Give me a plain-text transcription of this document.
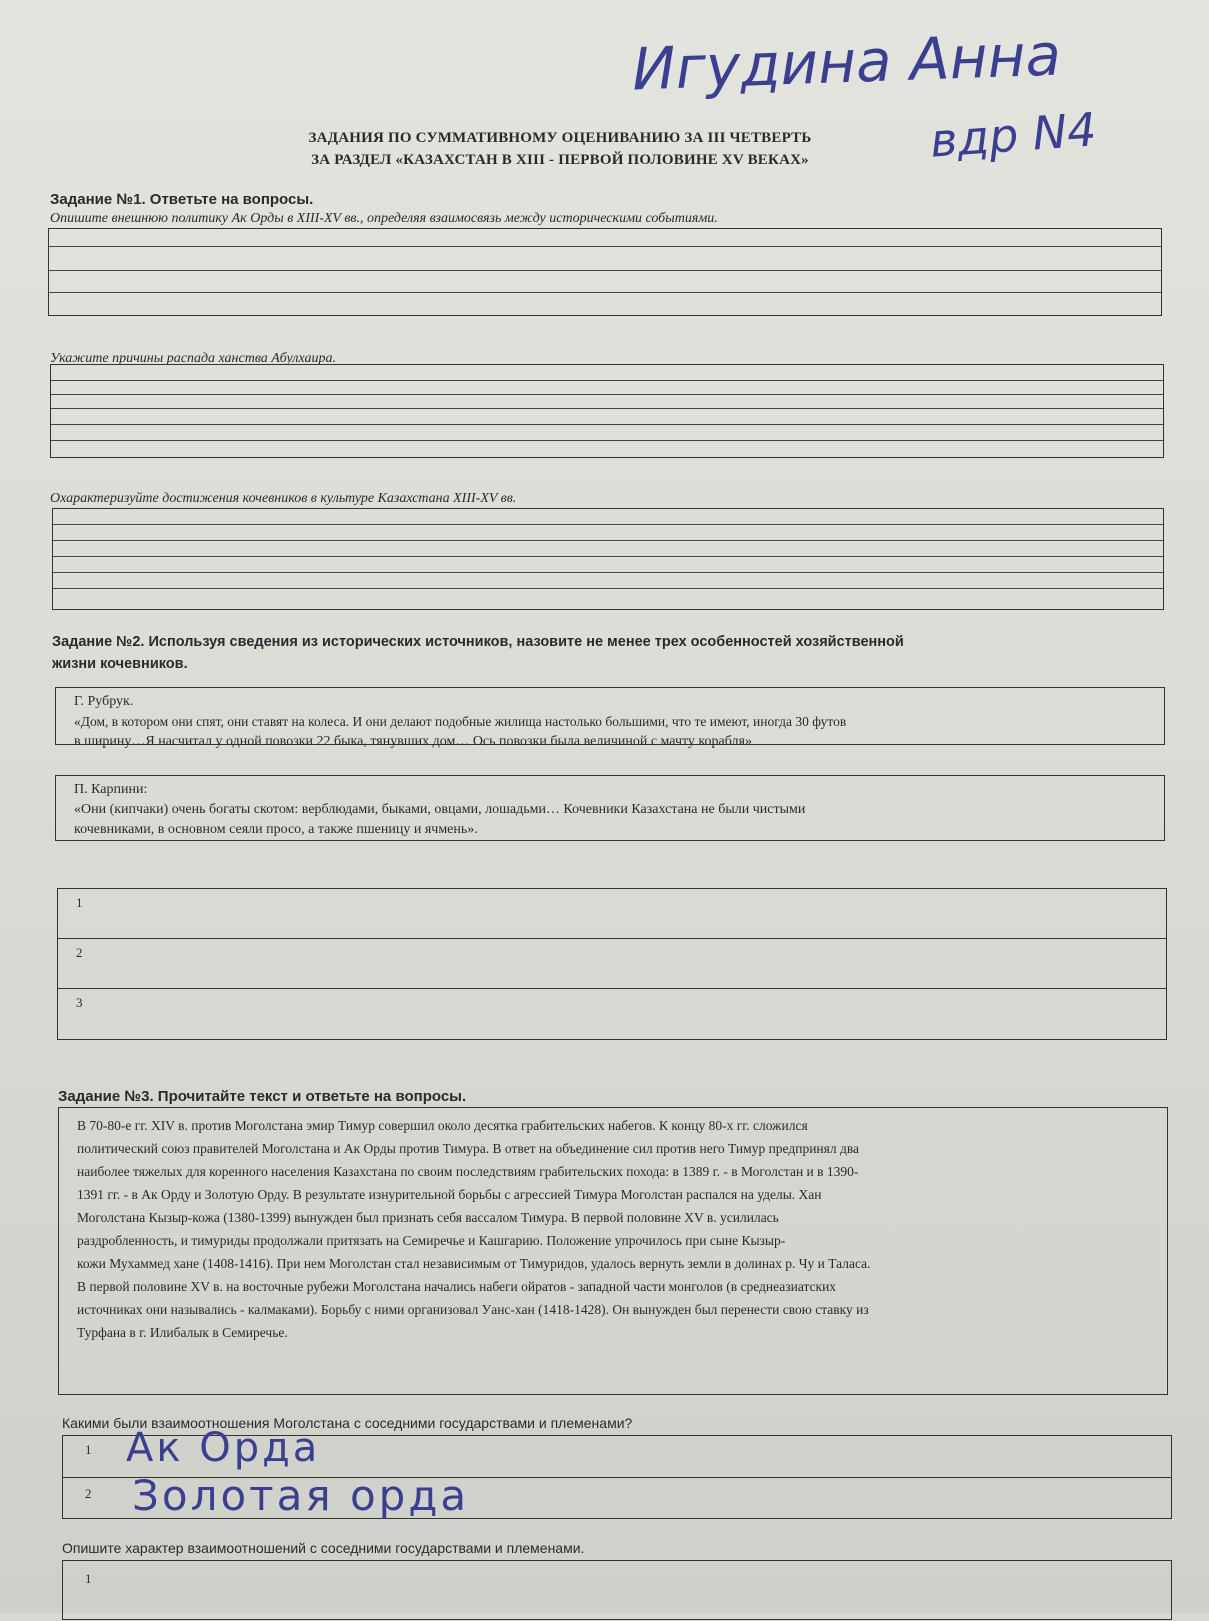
Игудина Анна
вдр N4
ЗАДАНИЯ ПО СУММАТИВНОМУ ОЦЕНИВАНИЮ ЗА III ЧЕТВЕРТЬ
ЗА РАЗДЕЛ «КАЗАХСТАН В XIII - ПЕРВОЙ ПОЛОВИНЕ XV ВЕКАХ»
Задание №1. Ответьте на вопросы.
Опишите внешнюю политику Ак Орды в XIII-XV вв., определяя взаимосвязь между историческими событиями.
Укажите причины распада ханства Абулхаира.
Охарактеризуйте достижения кочевников в культуре Казахстана XIII-XV вв.
Задание №2. Используя сведения из исторических источников, назовите не менее трех особенностей хозяйственной
жизни кочевников.
Г. Рубрук.
«Дом, в котором они спят, они ставят на колеса. И они делают подобные жилища настолько большими, что те имеют, иногда 30 футов
в ширину…Я насчитал у одной повозки 22 быка, тянувших дом… Ось повозки была величиной с мачту корабля»
П. Карпини:
«Они (кипчаки) очень богаты скотом: верблюдами, быками, овцами, лошадьми… Кочевники Казахстана не были чистыми
кочевниками, в основном сеяли просо, а также пшеницу и ячмень».
1
2
3
Задание №3. Прочитайте текст и ответьте на вопросы.
В 70-80-е гг. XIV в. против Моголстана эмир Тимур совершил около десятка грабительских набегов. К концу 80-х гг. сложился
политический союз правителей Моголстана и Ак Орды против Тимура. В ответ на объединение сил против него Тимур предпринял два
наиболее тяжелых для коренного населения Казахстана по своим последствиям грабительских похода: в 1389 г. - в Моголстан и в 1390-
1391 гг. - в Ак Орду и Золотую Орду. В результате изнурительной борьбы с агрессией Тимура Моголстан распался на уделы. Хан
Моголстана Кызыр-кожа (1380-1399) вынужден был признать себя вассалом Тимура. В первой половине XV в. усилилась
раздробленность, и тимуриды продолжали притязать на Семиречье и Кашгарию. Положение упрочилось при сыне Кызыр-
кожи Мухаммед хане (1408-1416). При нем Моголстан стал независимым от Тимуридов, удалось вернуть земли в долинах р. Чу и Таласа.
В первой половине XV в. на восточные рубежи Моголстана начались набеги ойратов - западной части монголов (в среднеазиатских
источниках они назывались - калмаками). Борьбу с ними организовал Уанс-хан (1418-1428). Он вынужден был перенести свою ставку из
Турфана в г. Илибалык в Семиречье.
Какими были взаимоотношения Моголстана с соседними государствами и племенами?
1
2
Ак Орда
Золотая орда
Опишите характер взаимоотношений с соседними государствами и племенами.
1
